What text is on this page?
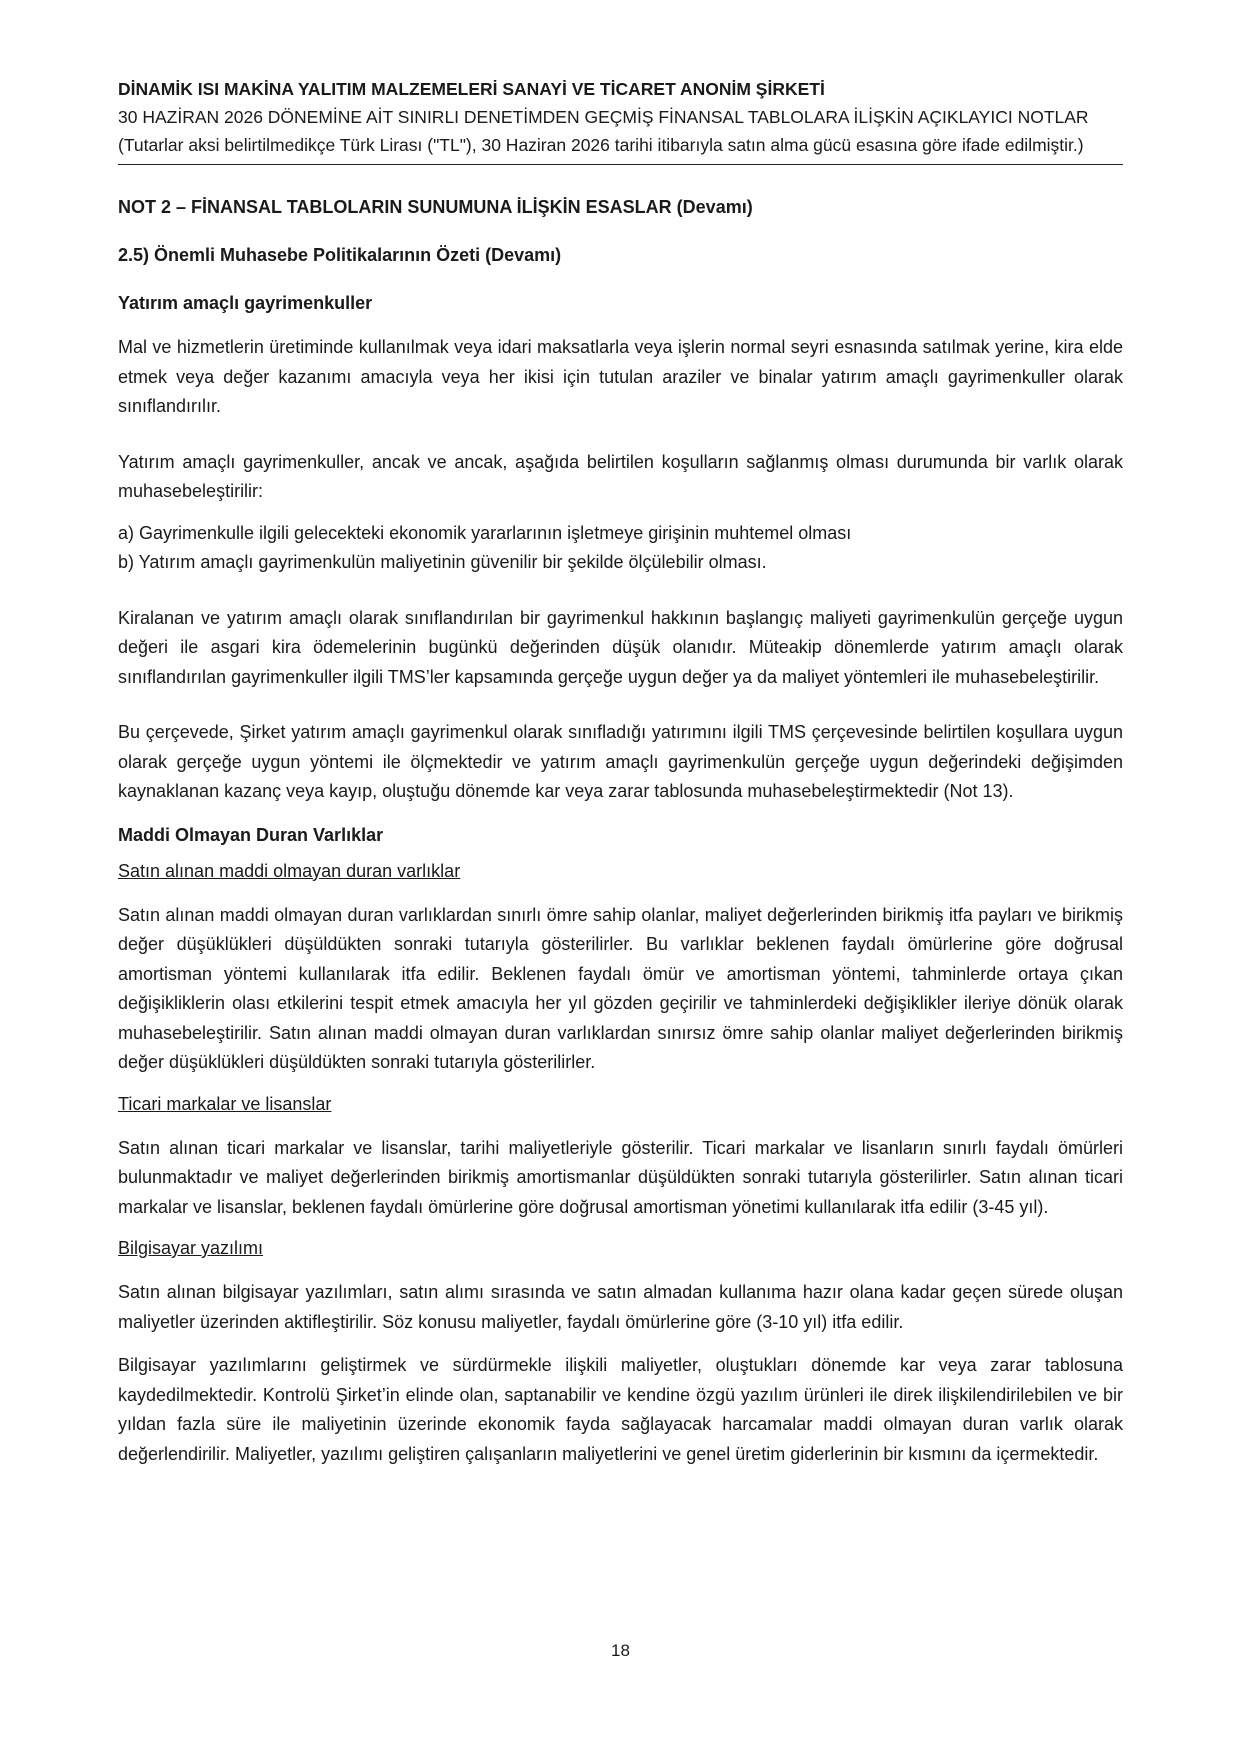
DİNAMİK ISI MAKİNA YALITIM MALZEMELERİ SANAYİ VE TİCARET ANONİM ŞİRKETİ
30 HAZİRAN 2026 DÖNEMİNE AİT SINIRLI DENETİMDEN GEÇMİŞ FİNANSAL TABLOLARA İLİŞKİN AÇIKLAYICI NOTLAR
(Tutarlar aksi belirtilmedikçe Türk Lirası ("TL"), 30 Haziran 2026 tarihi itibarıyla satın alma gücü esasına göre ifade edilmiştir.)
NOT 2 – FİNANSAL TABLOLARIN SUNUMUNA İLİŞKİN ESASLAR (Devamı)
2.5) Önemli Muhasebe Politikalarının Özeti (Devamı)
Yatırım amaçlı gayrimenkuller

Mal ve hizmetlerin üretiminde kullanılmak veya idari maksatlarla veya işlerin normal seyri esnasında satılmak yerine, kira elde etmek veya değer kazanımı amacıyla veya her ikisi için tutulan araziler ve binalar yatırım amaçlı gayrimenkuller olarak sınıflandırılır.

Yatırım amaçlı gayrimenkuller, ancak ve ancak, aşağıda belirtilen koşulların sağlanmış olması durumunda bir varlık olarak muhasebeleştirilir:

a) Gayrimenkulle ilgili gelecekteki ekonomik yararlarının işletmeye girişinin muhtemel olması
b) Yatırım amaçlı gayrimenkulün maliyetinin güvenilir bir şekilde ölçülebilir olması.

Kiralanan ve yatırım amaçlı olarak sınıflandırılan bir gayrimenkul hakkının başlangıç maliyeti gayrimenkulün gerçeğe uygun değeri ile asgari kira ödemelerinin bugünkü değerinden düşük olanıdır. Müteakip dönemlerde yatırım amaçlı olarak sınıflandırılan gayrimenkuller ilgili TMS’ler kapsamında gerçeğe uygun değer ya da maliyet yöntemleri ile muhasebeleştirilir.

Bu çerçevede, Şirket yatırım amaçlı gayrimenkul olarak sınıfladığı yatırımını ilgili TMS çerçevesinde belirtilen koşullara uygun olarak gerçeğe uygun yöntemi ile ölçmektedir ve yatırım amaçlı gayrimenkulün gerçeğe uygun değerindeki değişimden kaynaklanan kazanç veya kayıp, oluştuğu dönemde kar veya zarar tablosunda muhasebeleştirmektedir (Not 13).

Maddi Olmayan Duran Varlıklar
Satın alınan maddi olmayan duran varlıklar

Satın alınan maddi olmayan duran varlıklardan sınırlı ömre sahip olanlar, maliyet değerlerinden birikmiş itfa payları ve birikmiş değer düşüklükleri düşüldükten sonraki tutarıyla gösterilirler. Bu varlıklar beklenen faydalı ömürlerine göre doğrusal amortisman yöntemi kullanılarak itfa edilir. Beklenen faydalı ömür ve amortisman yöntemi, tahminlerde ortaya çıkan değişikliklerin olası etkilerini tespit etmek amacıyla her yıl gözden geçirilir ve tahminlerdeki değişiklikler ileriye dönük olarak muhasebeleştirilir. Satın alınan maddi olmayan duran varlıklardan sınırsız ömre sahip olanlar maliyet değerlerinden birikmiş değer düşüklükleri düşüldükten sonraki tutarıyla gösterilirler.

Ticari markalar ve lisanslar

Satın alınan ticari markalar ve lisanslar, tarihi maliyetleriyle gösterilir. Ticari markalar ve lisanların sınırlı faydalı ömürleri bulunmaktadır ve maliyet değerlerinden birikmiş amortismanlar düşüldükten sonraki tutarıyla gösterilirler. Satın alınan ticari markalar ve lisanslar, beklenen faydalı ömürlerine göre doğrusal amortisman yönetimi kullanılarak itfa edilir (3-45 yıl).

Bilgisayar yazılımı

Satın alınan bilgisayar yazılımları, satın alımı sırasında ve satın almadan kullanıma hazır olana kadar geçen sürede oluşan maliyetler üzerinden aktifleştirilir. Söz konusu maliyetler, faydalı ömürlerine göre (3-10 yıl) itfa edilir.

Bilgisayar yazılımlarını geliştirmek ve sürdürmekle ilişkili maliyetler, oluştukları dönemde kar veya zarar tablosuna kaydedilmektedir. Kontrolü Şirket’in elinde olan, saptanabilir ve kendine özgü yazılım ürünleri ile direk ilişkilendirilebilen ve bir yıldan fazla süre ile maliyetinin üzerinde ekonomik fayda sağlayacak harcamalar maddi olmayan duran varlık olarak değerlendirilir. Maliyetler, yazılımı geliştiren çalışanların maliyetlerini ve genel üretim giderlerinin bir kısmını da içermektedir.

18
